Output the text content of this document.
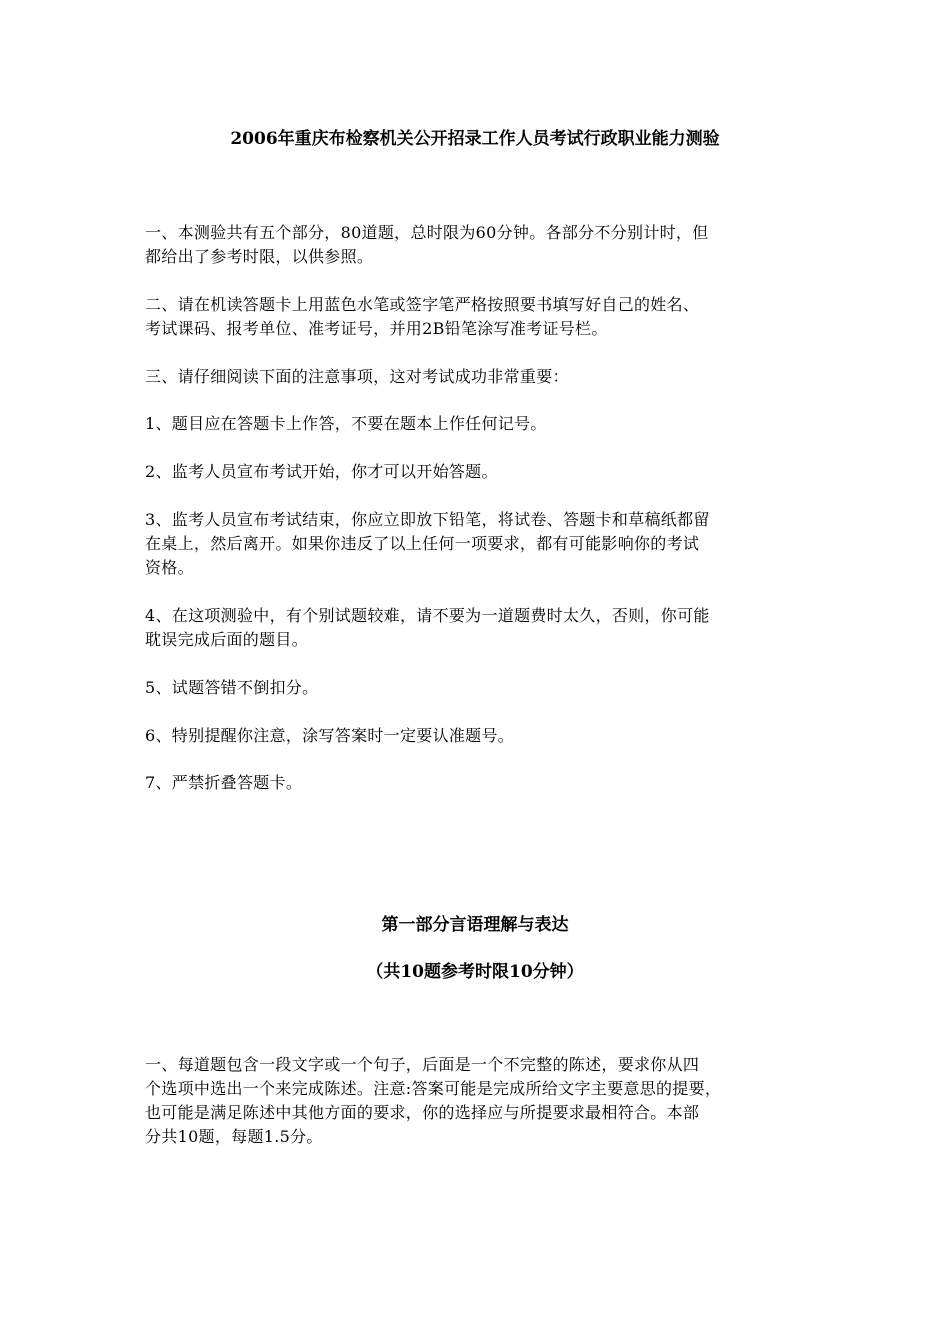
2006年重庆布检察机关公开招录工作人员考试行政职业能力测验
一、本测验共有五个部分，80道题，总时限为60分钟。各部分不分别计时，但
都给出了参考时限，以供参照。
二、请在机读答题卡上用蓝色水笔或签字笔严格按照要书填写好自己的姓名、
考试课码、报考单位、准考证号，并用2B铅笔涂写准考证号栏。
三、请仔细阅读下面的注意事项，这对考试成功非常重要：
1、题目应在答题卡上作答，不要在题本上作任何记号。
2、监考人员宣布考试开始，你才可以开始答题。
3、监考人员宣布考试结束，你应立即放下铅笔，将试卷、答题卡和草稿纸都留
在桌上，然后离开。如果你违反了以上任何一项要求，都有可能影响你的考试
资格。
4、在这项测验中，有个别试题较难，请不要为一道题费时太久，否则，你可能
耽误完成后面的题目。
5、试题答错不倒扣分。
6、特别提醒你注意，涂写答案时一定要认准题号。
7、严禁折叠答题卡。
第一部分言语理解与表达
（共10题参考时限10分钟）
一、每道题包含一段文字或一个句子，后面是一个不完整的陈述，要求你从四
个选项中选出一个来完成陈述。注意:答案可能是完成所给文字主要意思的提要，
也可能是满足陈述中其他方面的要求，你的选择应与所提要求最相符合。本部
分共10题，每题1.5分。
